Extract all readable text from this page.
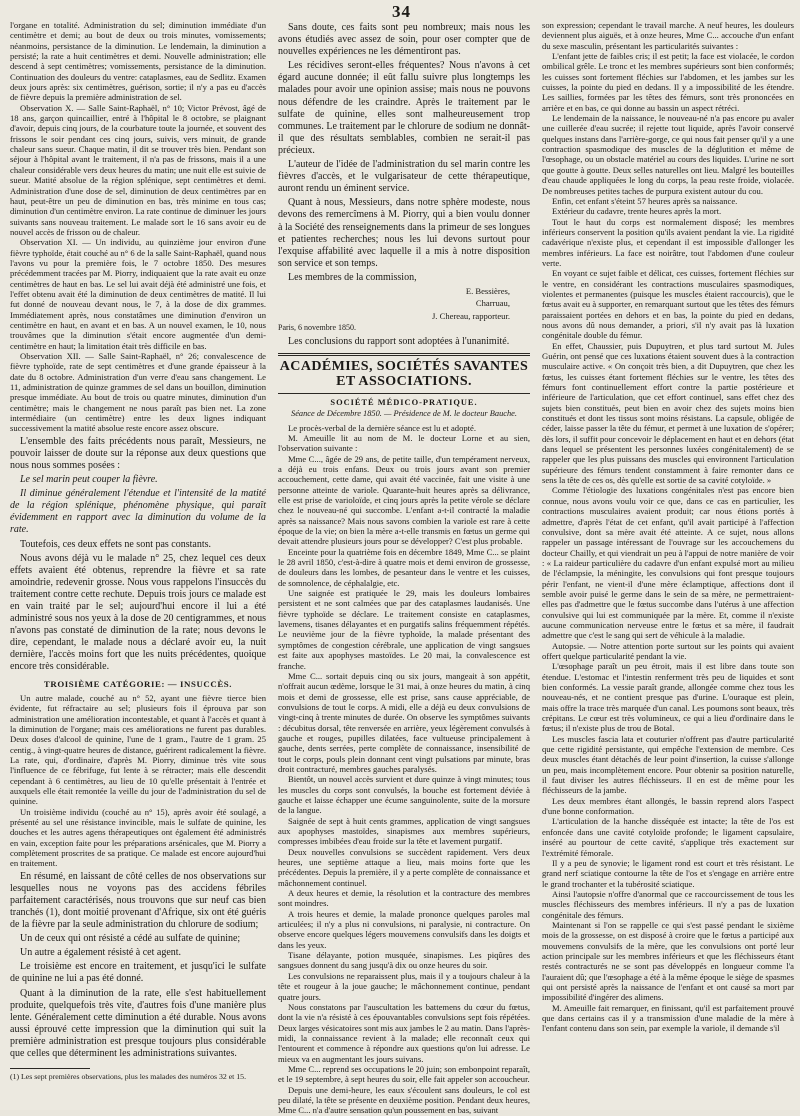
34

l'organe en totalité. Administration du sel; diminution immédiate d'un centimètre et demi; au bout de deux ou trois minutes, vomissements; néanmoins, persistance de la diminution. Le lendemain, la diminution a persisté; la rate a huit centimètres et demi. Nouvelle administration; elle descend à sept centimètres; vomissements, persistance de la diminution. Continuation des douleurs du ventre: cataplasmes, eau de Sedlitz. Examen deux jours après: six centimètres, guérison, sortie; il n'y a pas eu d'accès de fièvre depuis la première administration de sel.

Observation X. — Salle Saint-Raphaël, n° 10; Victor Prévost, âgé de 18 ans, garçon quincaillier, entré à l'hôpital le 8 octobre, se plaignant d'avoir, depuis cinq jours, de la courbature toute la journée, et souvent des frissons le soir pendant ces cinq jours, suivis, vers minuit, de grande chaleur sans sueur. Chaque matin, il dit se trouver très bien. Pendant son séjour à l'hôpital avant le traitement, il n'a pas de frissons, mais il a une chaleur considérable vers deux heures du matin; une nuit elle est suivie de sueur. Matité absolue de la région splénique, sept centimètres et demi. Administration d'une dose de sel, diminution de deux centimètres par en haut, peut-être un peu de diminution en bas, très minime en tous cas; diminution d'un centimètre environ. La rate continue de diminuer les jours suivants sans nouveau traitement. Le malade sort le 16 sans avoir eu de nouvel accès de frisson ou de chaleur.

Observation XI. — Un individu, au quinzième jour environ d'une fièvre typhoïde, était couché au n° 6 de la salle Saint-Raphaël, quand nous l'avons vu pour la première fois, le 7 octobre 1850. Des mesures précédemment tracées par M. Piorry, indiquaient que la rate avait eu onze centimètres de haut en bas. Le sel lui avait déjà été administré une fois, et l'effet obtenu avait été la diminution de deux centimètres de matité. Il lui fut donné de nouveau devant nous, le 7, à la dose de dix grammes. Immédiatement après, nous constatâmes une diminution d'environ un centimètre en haut, en avant et en bas. A un nouvel examen, le 10, nous trouvâmes que la diminution s'était encore augmentée d'un demi-centimètre en haut; la limitation était très difficile en bas.

Observation XII. — Salle Saint-Raphaël, n° 26; convalescence de fièvre typhoïde, rate de sept centimètres et d'une grande épaisseur à la date du 8 octobre. Administration d'un verre d'eau sans changement. Le 11, administration de quinze grammes de sel dans un bouillon, diminution presque immédiate. Au bout de trois ou quatre minutes, diminution d'un centimètre; mais le changement ne nous paraît pas bien net. La zone intermédiaire (un centimètre) entre les deux lignes indiquant successivement la matité absolue reste encore assez obscure.

L'ensemble des faits précédents nous paraît, Messieurs, ne pouvoir laisser de doute sur la réponse aux deux questions que nous nous sommes posées :

Le sel marin peut couper la fièvre.

Il diminue généralement l'étendue et l'intensité de la matité de la région splénique, phénomène physique, qui paraît évidemment en rapport avec la diminution du volume de la rate.

Toutefois, ces deux effets ne sont pas constants.

Nous avons déjà vu le malade n° 25, chez lequel ces deux effets avaient été obtenus, reprendre la fièvre et sa rate amoindrie, redevenir grosse. Nous vous rappelons l'insuccès du traitement contre cette rechute. Depuis trois jours ce malade est en vain traité par le sel; aujourd'hui encore il lui a été administré sous nos yeux à la dose de 20 centigrammes, et nous n'avons pas constaté de diminution de la rate; nous devons le dire, cependant, le malade nous a déclaré avoir eu, la nuit dernière, l'accès moins fort que les nuits précédentes, quoique encore très considérable.

TROISIÈME CATÉGORIE: — INSUCCÈS.

Un autre malade, couché au n° 52, ayant une fièvre tierce bien évidente, fut réfractaire au sel; plusieurs fois il éprouva par son administration une amélioration incontestable, et quant à l'accès et quant à la diminution de l'organe; mais ces améliorations ne furent pas durables. Deux doses d'alcool de quinine, l'une de 1 gram., l'autre de 1 gram. 25 centig., à vingt-quatre heures de distance, guérirent radicalement la fièvre. La rate, qui, d'ordinaire, d'après M. Piorry, diminue très vite sous l'influence de ce fébrifuge, fut lente à se rétracter; mais elle descendit cependant à 6 centimètres, au lieu de 10 qu'elle présentait à l'entrée et auxquels elle était remontée la veille du jour de l'administration du sel de quinine.

Un troisième individu (couché au n° 15), après avoir été soulagé, a présenté au sel une résistance invincible, mais le sulfate de quinine, les douches et les autres agens thérapeutiques ont également été administrés en vain, exception faite pour les préparations arsénicales, que M. Piorry a complètement proscrites de sa pratique. Ce malade est encore aujourd'hui en traitement.

En résumé, en laissant de côté celles de nos observations sur lesquelles nous ne voyons pas des accidens fébriles parfaitement caractérisés, nous trouvons que sur neuf cas bien tranchés (1), dont moitié provenant d'Afrique, six ont été guéris de la fièvre par la seule administration du chlorure de sodium;

Un de ceux qui ont résisté a cédé au sulfate de quinine;

Un autre a également résisté à cet agent.

Le troisième est encore en traitement, et jusqu'ici le sulfate de quinine ne lui a pas été donné.

Quant à la diminution de la rate, elle s'est habituellement produite, quelquefois très vite, d'autres fois d'une manière plus lente. Généralement cette diminution a été durable. Nous avons aussi éprouvé cette impression que la diminution qui suit la première administration est presque toujours plus considérable que celles que déterminent les administrations suivantes.

(1) Les sept premières observations, plus les malades des numéros 32 et 15.

Sans doute, ces faits sont peu nombreux; mais nous les avons étudiés avec assez de soin, pour oser compter que de nouvelles expériences ne les démentiront pas.

Les récidives seront-elles fréquentes? Nous n'avons à cet égard aucune donnée; il eût fallu suivre plus longtemps les malades pour avoir une opinion assise; mais nous ne pouvons nous défendre de les craindre. Après le traitement par le sulfate de quinine, elles sont malheureusement trop communes. Le traitement par le chlorure de sodium ne donnât-il que des résultats semblables, combien ne serait-il pas précieux.

L'auteur de l'idée de l'administration du sel marin contre les fièvres d'accès, et le vulgarisateur de cette thérapeutique, auront rendu un éminent service.

Quant à nous, Messieurs, dans notre sphère modeste, nous devons des remercîmens à M. Piorry, qui a bien voulu donner à la Société des renseignements dans la primeur de ses longues et patientes recherches; nous les lui devons surtout pour l'exquise affabilité avec laquelle il a mis à notre disposition son service et son temps.

Les membres de la commission,

E. Bessières,
Charruau,
J. Chereau, rapporteur.
Paris, 6 novembre 1850.

Les conclusions du rapport sont adoptées à l'unanimité.

ACADÉMIES, SOCIÉTÉS SAVANTES ET ASSOCIATIONS.
SOCIÉTÉ MÉDICO-PRATIQUE.
Séance de Décembre 1850. — Présidence de M. le docteur Bauche.

Le procès-verbal de la dernière séance est lu et adopté.

M. Ameuille lit au nom de M. le docteur Lorne et au sien, l'observation suivante :

Mme C..., âgée de 29 ans, de petite taille, d'un tempérament nerveux, a déjà eu trois enfans. Deux ou trois jours avant son premier accouchement, cette dame, qui avait été vaccinée, fait une visite à une personne atteinte de variole. Quarante-huit heures après sa délivrance, elle est prise de varioloïde, et cinq jours après la petite vérole se déclare chez le nouveau-né qui succombe. L'enfant a-t-il contracté la maladie après sa naissance? Mais nous savons combien la variole est rare à cette époque de la vie; on bien la mère a-t-elle transmis en fœtus un germe qui devait attendre plusieurs jours pour se développer? C'est plus probable.

Enceinte pour la quatrième fois en décembre 1849, Mme C... se plaint le 28 avril 1850, c'est-à-dire à quatre mois et demi environ de grossesse, de douleurs dans les lombes, de pesanteur dans le ventre et les cuisses, de somnolence, de céphalalgie, etc.

Une saignée est pratiquée le 29, mais les douleurs lombaires persistent et ne sont calmées que par des cataplasmes laudanisés. Une fièvre typhoïde se déclare. Le traitement consiste en cataplasmes, lavemens, tisanes délayantes et en purgatifs salins fréquemment répétés. Le neuvième jour de la fièvre typhoïde, la malade présentant des symptômes de congestion cérébrale, une application de vingt sangsues est faite aux apophyses mastoïdes. Le 20 mai, la convalescence est franche.

Mme C... sortait depuis cinq ou six jours, mangeait à son appétit, n'offrait aucun œdème, lorsque le 31 mai, à onze heures du matin, à cinq mois et demi de grossesse, elle est prise, sans cause appréciable, de convulsions de tout le corps. A midi, elle a déjà eu deux convulsions de vingt-cinq à trente minutes de durée. On observe les symptômes suivants : décubitus dorsal, tête renversée en arrière, yeux légèrement convulsés à gauche et rouges, pupilles dilatées, face vultueuse principalement à gauche, dents serrées, perte complète de connaissance, insensibilité de tout le corps, pouls plein donnant cent vingt pulsations par minute, bras droit contracturé, membres gauches paralysés.

Bientôt, un nouvel accès survient et dure quinze à vingt minutes; tous les muscles du corps sont convulsés, la bouche est fortement déviée à gauche et laisse échapper une écume sanguinolente, suite de la morsure de la langue.

Saignée de sept à huit cents grammes, application de vingt sangsues aux apophyses mastoïdes, sinapismes aux membres supérieurs, compresses imbibées d'eau froide sur la tête et lavement purgatif.

Deux nouvelles convulsions se succèdent rapidement. Vers deux heures, une septième attaque a lieu, mais moins forte que les précédentes. Depuis la première, il y a perte complète de connaissance et mâchonnement continuel.

A deux heures et demie, la résolution et la contracture des membres sont moindres.

A trois heures et demie, la malade prononce quelques paroles mal articulées; il n'y a plus ni convulsions, ni paralysie, ni contracture. On observe encore quelques légers mouvemens convulsifs dans les doigts et dans les yeux.

Tisane délayante, potion musquée, sinapismes. Les piqûres des sangsues donnent du sang jusqu'à dix ou onze heures du soir.

Les convulsions ne reparaissent plus, mais il y a toujours chaleur à la tête et rougeur à la joue gauche; le mâchonnement continue, pendant quatre jours.

Nous constatons par l'auscultation les battemens du cœur du fœtus, dont la vie n'a résisté à ces épouvantables convulsions sept fois répétées. Deux larges vésicatoires sont mis aux jambes le 2 au matin. Dans l'après-midi, la connaissance revient à la malade; elle reconnaît ceux qui l'entourent et commence à répondre aux questions qu'on lui adresse. Le mieux va en augmentant les jours suivans.

Mme C... reprend ses occupations le 20 juin; son embonpoint reparaît, et le 19 septembre, à sept heures du soir, elle fait appeler son accoucheur.

Depuis une demi-heure, les eaux s'écoulent sans douleurs, le col est peu dilaté, la tête se présente en deuxième position. Pendant deux heures, Mme C... n'a d'autre sensation qu'un poussement en bas, suivant

son expression; cependant le travail marche. A neuf heures, les douleurs deviennent plus aiguës, et à onze heures, Mme C... accouche d'un enfant du sexe masculin, présentant les particularités suivantes :

L'enfant jette de faibles cris; il est petit; la face est violacée, le cordon ombilical grêle. Le tronc et les membres supérieurs sont bien conformés; les cuisses sont fortement fléchies sur l'abdomen, et les jambes sur les cuisses, la pointe du pied en dedans. Il y a impossibilité de les étendre. Les saillies, formées par les têtes des fémurs, sont très prononcées en arrière et en bas, ce qui donne au bassin un aspect rétréci.

Le lendemain de la naissance, le nouveau-né n'a pas encore pu avaler une cuillerée d'eau sucrée; il rejette tout liquide, après l'avoir conservé quelques instans dans l'arrière-gorge, ce qui nous fait penser qu'il y a une contraction spasmodique des muscles de la déglutition et même de l'œsophage, ou un obstacle matériel au cours des liquides. L'urine ne sort que goutte à goutte. Deux selles naturelles ont lieu. Malgré les bouteilles d'eau chaude appliquées le long du corps, la peau reste froide, violacée. De nombreuses petites taches de purpura existent autour du cou.

Enfin, cet enfant s'éteint 57 heures après sa naissance.

Extérieur du cadavre, trente heures après la mort.

Tout le haut du corps est normalement disposé; les membres inférieurs conservent la position qu'ils avaient pendant la vie. La rigidité cadavérique n'existe plus, et cependant il est impossible d'allonger les membres inférieurs. La face est noirâtre, tout l'abdomen d'une couleur verte.

En voyant ce sujet faible et délicat, ces cuisses, fortement fléchies sur le ventre, en considérant les contractions musculaires spasmodiques, violentes et permanentes (puisque les muscles étaient raccourcis), que le fœtus avait eu à supporter, en remarquant surtout que les têtes des fémurs paraissaient portées en dehors et en bas, la pointe du pied en dedans, nous avons dû nous demander, a priori, s'il n'y avait pas là luxation congénitale double du fémur.

En effet, Chaussier, puis Dupuytren, et plus tard surtout M. Jules Guérin, ont pensé que ces luxations étaient souvent dues à la contraction musculaire active. « On conçoit très bien, a dit Dupuytren, que chez les fœtus, les cuisses étant fortement fléchies sur le ventre, les têtes des fémurs font continuellement effort contre la partie postérieure et inférieure de l'articulation, que cet effort continuel, sans effet chez des sujets bien constitués, peut bien en avoir chez des sujets moins bien constitués et dont les tissus sont moins résistans. La capsule, obligée de céder, laisse passer la tête du fémur, et permet à une luxation de s'opérer; dès lors, il suffit pour concevoir le déplacement en haut et en dehors (état dans lequel se présentent les personnes luxées congénitalement) de se rappeler que les plus puissans des muscles qui environnent l'articulation supérieure des fémurs tendent constamment à faire remonter dans ce sens la tête de ces os, dès qu'elle est sortie de sa cavité cotyloïde. »

Comme l'étiologie des luxations congénitales n'est pas encore bien connue, nous avons voulu voir ce que, dans ce cas en particulier, les contractions musculaires avaient produit; car nous étions portés à admettre, d'après l'état de cet enfant, qu'il avait participé à l'affection convulsive, dont sa mère avait été atteinte. A ce sujet, nous allons rappeler un passage intéressant de l'ouvrage sur les accouchemens du docteur Chailly, et qui viendrait un peu à l'appui de notre manière de voir : « La raideur particulière du cadavre d'un enfant expulsé mort au milieu de l'éclampsie, la méningite, les convulsions qui font presque toujours périr l'enfant, ne vient-il d'une mère éclamptique, affections dont il semble avoir puisé le germe dans le sein de sa mère, ne permettraient-elles pas d'admettre que le fœtus succombe dans l'utérus à une affection convulsive qui lui est communiquée par la mère. Et, comme il n'existe aucune communication nerveuse entre le fœtus et sa mère, il faudrait admettre que c'est le sang qui sert de véhicule à la maladie.

Autopsie. — Notre attention porte surtout sur les points qui avaient offert quelque particularité pendant la vie.

L'œsophage paraît un peu étroit, mais il est libre dans toute son étendue. L'estomac et l'intestin renferment très peu de liquides et sont bien conformés. La vessie paraît grande, allongée comme chez tous les nouveau-nés, et ne contient presque pas d'urine. L'ouraque est plein, mais offre la trace très marquée d'un canal. Les poumons sont beaux, très crépitans. Le cœur est très volumineux, ce qui a lieu d'ordinaire dans le fœtus; il n'existe plus de trou de Botal.

Les muscles fascia lata et couturier n'offrent pas d'autre particularité que cette rigidité persistante, qui empêche l'extension de membre. Ces deux muscles étant détachés de leur point d'insertion, la cuisse s'allonge un peu, mais incomplètement encore. Pour obtenir sa position naturelle, il faut diviser les autres fléchisseurs. Il en est de même pour les fléchisseurs de la jambe.

Les deux membres étant allongés, le bassin reprend alors l'aspect d'une bonne conformation.

L'articulation de la hanche disséquée est intacte; la tête de l'os est enfoncée dans une cavité cotyloïde profonde; le ligament capsulaire, inséré au pourtour de cette cavité, s'applique très exactement sur l'extrémité fémorale.

Il y a peu de synovie; le ligament rond est court et très résistant. Le grand nerf sciatique contourne la tête de l'os et s'engage en arrière entre le grand trochanter et la tubérosité sciatique.

Ainsi l'autopsie n'offre d'anormal que ce raccourcissement de tous les muscles fléchisseurs des membres inférieurs. Il n'y a pas de luxation congénitale des fémurs.

Maintenant si l'on se rappelle ce qui s'est passé pendant le sixième mois de la grossesse, on est disposé à croire que le fœtus a participé aux mouvemens convulsifs de la mère, que les convulsions ont porté leur action principale sur les membres inférieurs et que les fléchisseurs étant restés contracturés ne se sont pas développés en longueur comme l'a l'auraient dû; que l'œsophage a été à la même époque le siège de spasmes qui ont persisté après la naissance de l'enfant et ont causé sa mort par impossibilité d'ingérer des alimens.

M. Ameuille fait remarquer, en finissant, qu'il est parfaitement prouvé que dans certains cas il y a transmission d'une maladie de la mère à l'enfant contenu dans son sein, par exemple la variole, il demande s'il
